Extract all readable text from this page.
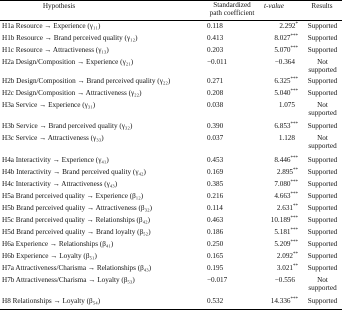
Hypothesis	Standardized
path coefficient
t-value	Results
H1a Resource → Experience (γ₁₁)	0.118	2.292*	Supported
H1b Resource → Brand perceived quality (γ₁₂)	0.413	8.027***	Supported
H1c Resource → Attractiveness (γ₁₃)	0.203	5.070***	Supported
H2a Design/Composition → Experience (γ₂₁)	−0.011	−0.364   	Not
supported
H2b Design/Composition → Brand perceived quality (γ₂₂)	0.271	6.325***	Supported
H2c Design/Composition → Attractiveness (γ₂₂)	0.208	5.040***	Supported
H3a Service → Experience (γ₃₁)	0.038	1.075   	Not
supported
H3b Service → Brand perceived quality (γ₃₂)	0.390	6.853***	Supported
H3c Service → Attractiveness (γ₃₃)	0.037	1.128   	Not
supported
H4a Interactivity → Experience (γ₄₁)	0.453	8.446***	Supported
H4b Interactivity → Brand perceived quality (γ₄₂)	0.169	2.895**	Supported
H4c Interactivity → Attractiveness (γ₄₃)	0.385	7.080***	Supported
H5a Brand perceived quality → Experience (β₁₂)	0.216	4.663***	Supported
H5b Brand perceived quality → Attractiveness (β₃₂)	0.114	2.631**	Supported
H5c Brand perceived quality → Relationships (β₄₂)	0.463	10.189***	Supported
H5d Brand perceived quality → Brand loyalty (β₅₂)	0.186	5.181***	Supported
H6a Experience → Relationships (β₄₁)	0.250	5.209***	Supported
H6b Experience → Loyalty (β₅₁)	0.165	2.092**	Supported
H7a Attractiveness/Charisma → Relationships (β₄₃)	0.195	3.021**	Supported
H7b Attractiveness/Charisma → Loyalty (β₅₃)	−0.017	−0.556   	Not
supported
H8 Relationships → Loyalty (β₅₄)	0.532	14.336***	Supported
